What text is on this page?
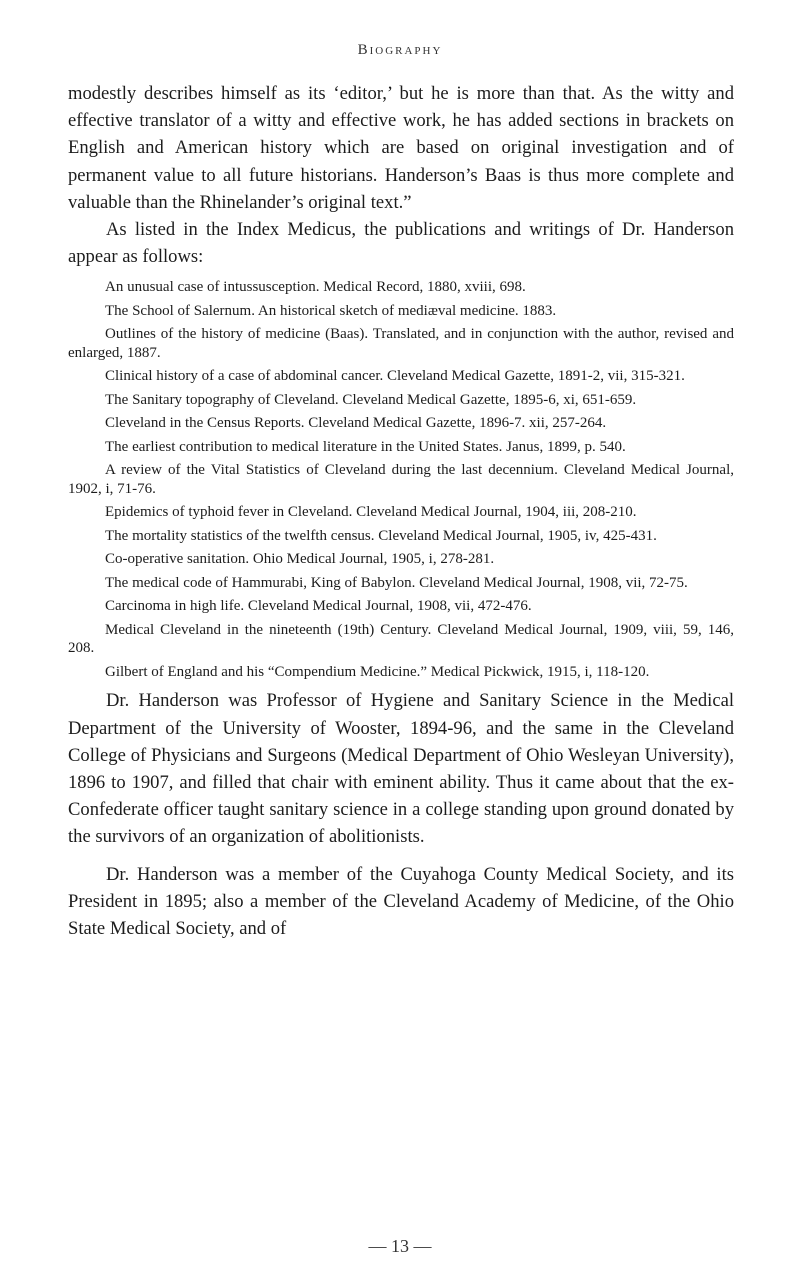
Biography

modestly describes himself as its ‘editor,’ but he is more than that. As the witty and effective translator of a witty and effective work, he has added sections in brackets on English and American history which are based on original investigation and of permanent value to all future historians. Handerson’s Baas is thus more complete and valuable than the Rhinelander’s original text.”

As listed in the Index Medicus, the publications and writings of Dr. Handerson appear as follows:

An unusual case of intussusception. Medical Record, 1880, xviii, 698.

The School of Salernum. An historical sketch of mediæval medicine. 1883.

Outlines of the history of medicine (Baas). Translated, and in conjunction with the author, revised and enlarged, 1887.

Clinical history of a case of abdominal cancer. Cleveland Medical Gazette, 1891-2, vii, 315-321.

The Sanitary topography of Cleveland. Cleveland Medical Gazette, 1895-6, xi, 651-659.

Cleveland in the Census Reports. Cleveland Medical Gazette, 1896-7. xii, 257-264.

The earliest contribution to medical literature in the United States. Janus, 1899, p. 540.

A review of the Vital Statistics of Cleveland during the last decennium. Cleveland Medical Journal, 1902, i, 71-76.

Epidemics of typhoid fever in Cleveland. Cleveland Medical Journal, 1904, iii, 208-210.

The mortality statistics of the twelfth census. Cleveland Medical Journal, 1905, iv, 425-431.

Co-operative sanitation. Ohio Medical Journal, 1905, i, 278-281.

The medical code of Hammurabi, King of Babylon. Cleveland Medical Journal, 1908, vii, 72-75.

Carcinoma in high life. Cleveland Medical Journal, 1908, vii, 472-476.

Medical Cleveland in the nineteenth (19th) Century. Cleveland Medical Journal, 1909, viii, 59, 146, 208.

Gilbert of England and his “Compendium Medicine.” Medical Pickwick, 1915, i, 118-120.

Dr. Handerson was Professor of Hygiene and Sanitary Science in the Medical Department of the University of Wooster, 1894-96, and the same in the Cleveland College of Physicians and Surgeons (Medical Department of Ohio Wesleyan University), 1896 to 1907, and filled that chair with eminent ability. Thus it came about that the ex-Confederate officer taught sanitary science in a college standing upon ground donated by the survivors of an organization of abolitionists.

Dr. Handerson was a member of the Cuyahoga County Medical Society, and its President in 1895; also a member of the Cleveland Academy of Medicine, of the Ohio State Medical Society, and of

— 13 —
